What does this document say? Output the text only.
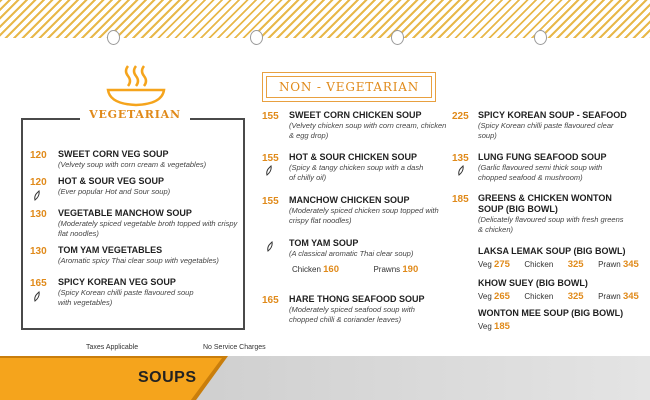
VEGETARIAN
120 SWEET CORN VEG SOUP
(Velvety soup with corn cream & vegetables)
120 HOT & SOUR VEG SOUP
(Ever popular Hot and Sour soup)
130 VEGETABLE MANCHOW SOUP
(Moderately spiced vegetable broth topped with crispy flat noodles)
130 TOM YAM VEGETABLES
(Aromatic spicy Thai clear soup with vegetables)
165 SPICY KOREAN VEG SOUP
(Spicy Korean chilli paste flavoured soup with vegetables)
NON - VEGETARIAN
155 SWEET CORN CHICKEN SOUP
(Velvety chicken soup with corn cream, chicken & egg drop)
155 HOT & SOUR CHICKEN SOUP
(Spicy & tangy chicken soup with a dash of chilly oil)
155 MANCHOW CHICKEN SOUP
(Moderately spiced chicken soup topped with crispy flat noodles)
TOM YAM SOUP
(A classical aromatic Thai clear soup)
Chicken 160	Prawns 190
165 HARE THONG SEAFOOD SOUP
(Moderately spiced seafood soup with chopped chilli & coriander leaves)
225 SPICY KOREAN SOUP - SEAFOOD
(Spicy Korean chilli paste flavoured clear soup)
135 LUNG FUNG SEAFOOD SOUP
(Garlic flavoured semi thick soup with chopped seafood & mushroom)
185 GREENS & CHICKEN WONTON SOUP (BIG BOWL)
(Delicately flavoured soup with fresh greens & chicken)
LAKSA LEMAK SOUP (BIG BOWL)
Veg 275 Chicken 325 Prawn 345
KHOW SUEY (BIG BOWL)
Veg 265 Chicken 325 Prawn 345
WONTON MEE SOUP (BIG BOWL)
Veg 185
Taxes Applicable	No Service Charges
SOUPS
